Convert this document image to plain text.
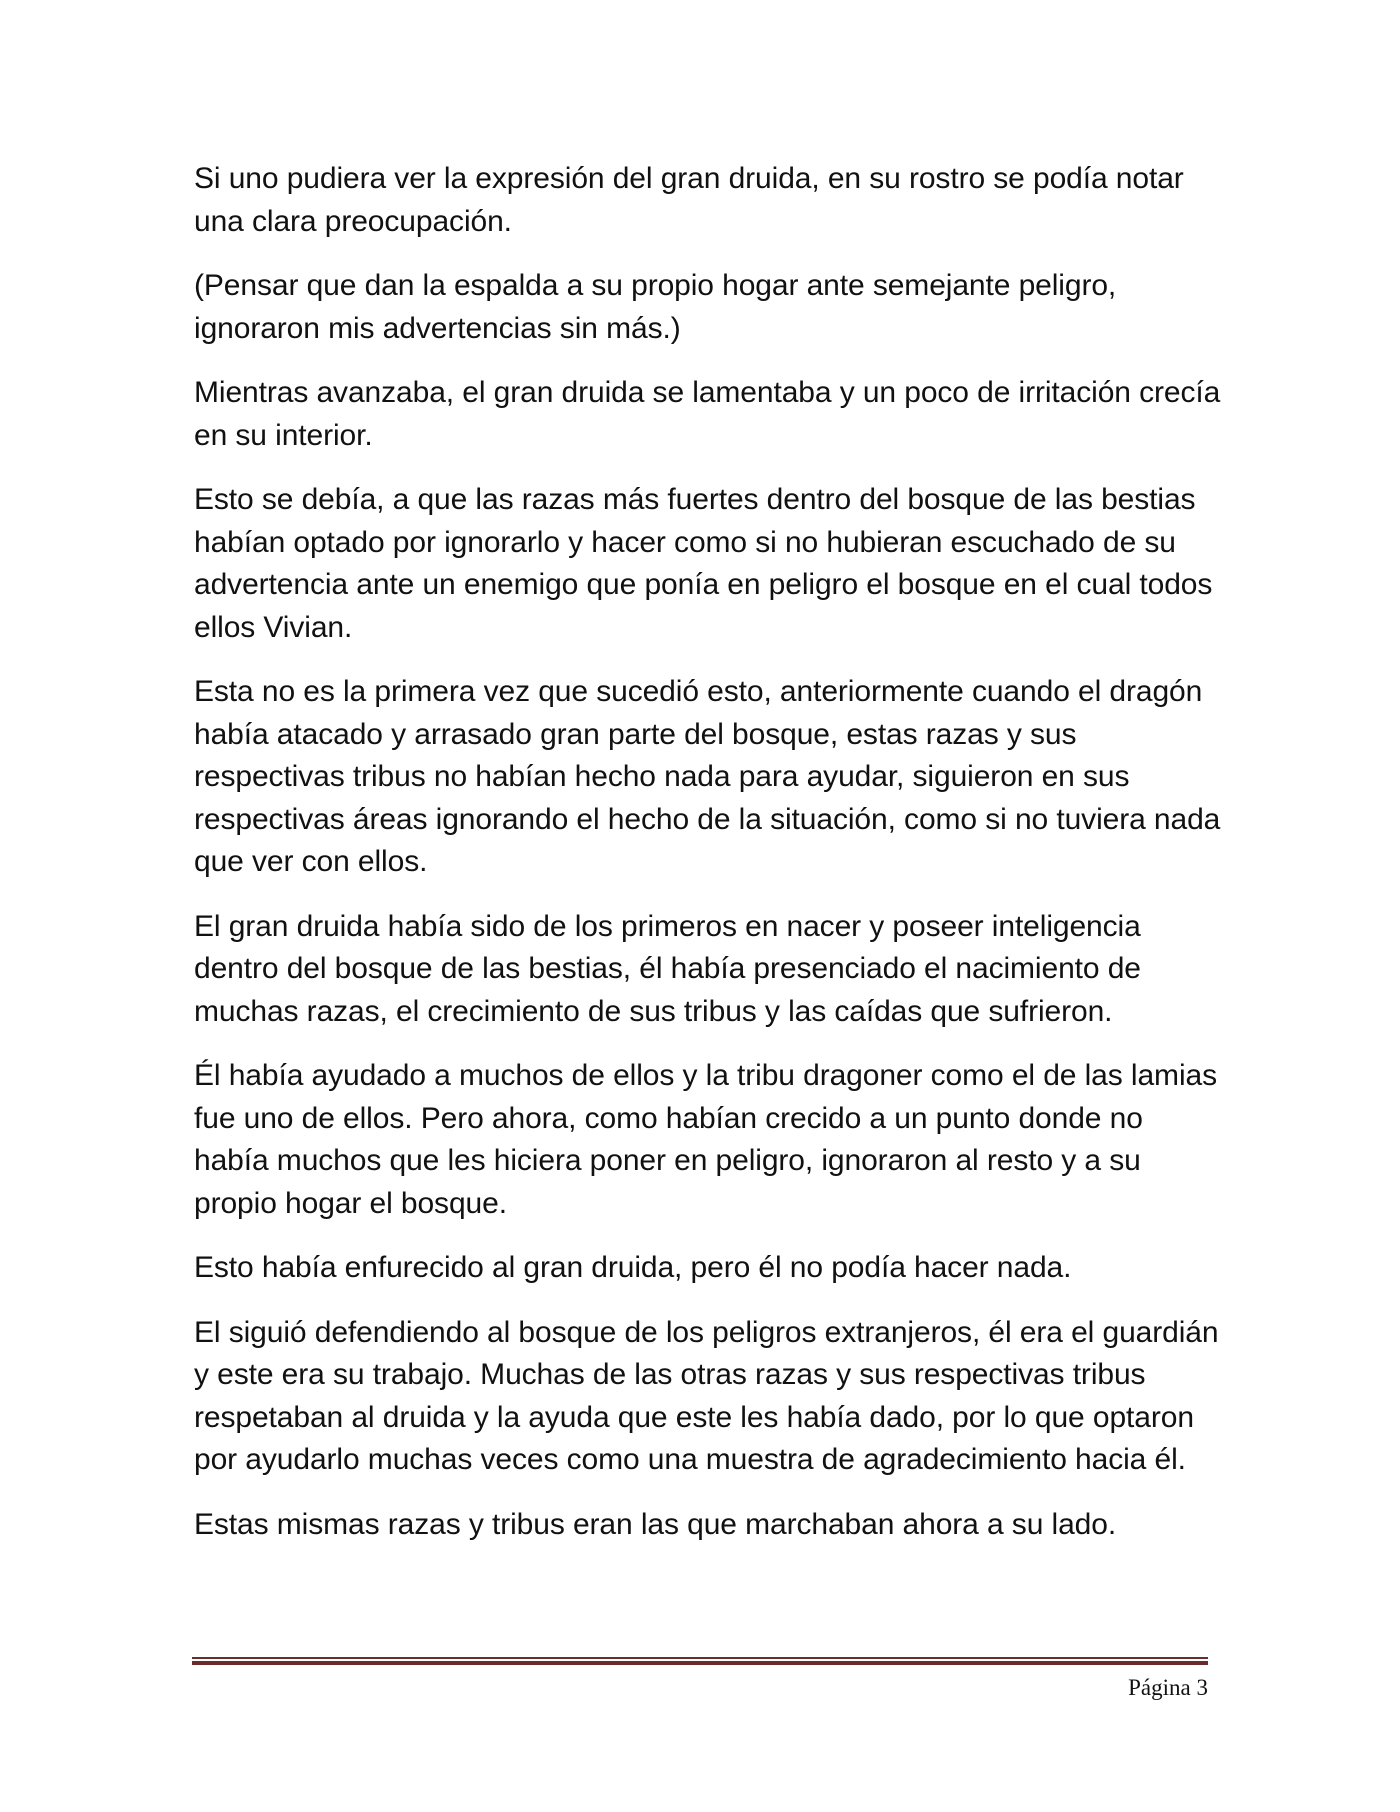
Si uno pudiera ver la expresión del gran druida, en su rostro se podía notar una clara preocupación.

(Pensar que dan la espalda a su propio hogar ante semejante peligro, ignoraron mis advertencias sin más.)

Mientras avanzaba, el gran druida se lamentaba y un poco de irritación crecía en su interior.

Esto se debía, a que las razas más fuertes dentro del bosque de las bestias habían optado por ignorarlo y hacer como si no hubieran escuchado de su advertencia ante un enemigo que ponía en peligro el bosque en el cual todos ellos Vivian.

Esta no es la primera vez que sucedió esto, anteriormente cuando el dragón había atacado y arrasado gran parte del bosque, estas razas y sus respectivas tribus no habían hecho nada para ayudar, siguieron en sus respectivas áreas ignorando el hecho de la situación, como si no tuviera nada que ver con ellos.

El gran druida había sido de los primeros en nacer y poseer inteligencia dentro del bosque de las bestias, él había presenciado el nacimiento de muchas razas, el crecimiento de sus tribus y las caídas que sufrieron.

Él había ayudado a muchos de ellos y la tribu dragoner como el de las lamias fue uno de ellos. Pero ahora, como habían crecido a un punto donde no había muchos que les hiciera poner en peligro, ignoraron al resto y a su propio hogar el bosque.

Esto había enfurecido al gran druida, pero él no podía hacer nada.

El siguió defendiendo al bosque de los peligros extranjeros, él era el guardián y este era su trabajo. Muchas de las otras razas y sus respectivas tribus respetaban al druida y la ayuda que este les había dado, por lo que optaron por ayudarlo muchas veces como una muestra de agradecimiento hacia él.

Estas mismas razas y tribus eran las que marchaban ahora a su lado.

Página 3
